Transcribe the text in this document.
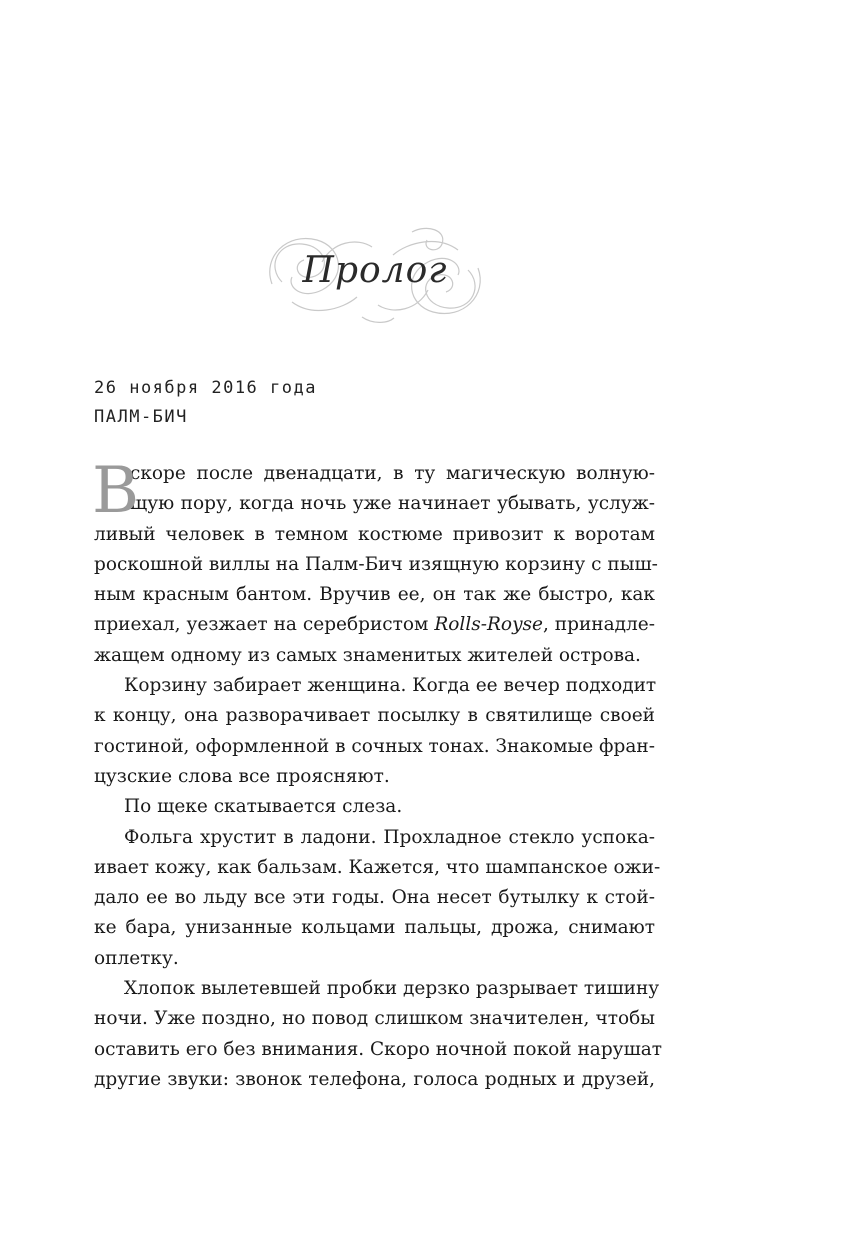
Пролог
26 ноября 2016 года
ПАЛМ-БИЧ
В
скоре после двенадцати, в ту магическую волную-
щую пору, когда ночь уже начинает убывать, услуж-
ливый человек в темном костюме привозит к воротам
роскошной виллы на Палм-Бич изящную корзину с пыш-
ным красным бантом. Вручив ее, он так же быстро, как
приехал, уезжает на серебристом Rolls-Royse, принадле-
жащем одному из самых знаменитых жителей острова.
Корзину забирает женщина. Когда ее вечер подходит
к концу, она разворачивает посылку в святилище своей
гостиной, оформленной в сочных тонах. Знакомые фран-
цузские слова все проясняют.
По щеке скатывается слеза.
Фольга хрустит в ладони. Прохладное стекло успока-
ивает кожу, как бальзам. Кажется, что шампанское ожи-
дало ее во льду все эти годы. Она несет бутылку к стой-
ке бара, унизанные кольцами пальцы, дрожа, снимают
оплетку.
Хлопок вылетевшей пробки дерзко разрывает тишину
ночи. Уже поздно, но повод слишком значителен, чтобы
оставить его без внимания. Скоро ночной покой нарушат
другие звуки: звонок телефона, голоса родных и друзей,
